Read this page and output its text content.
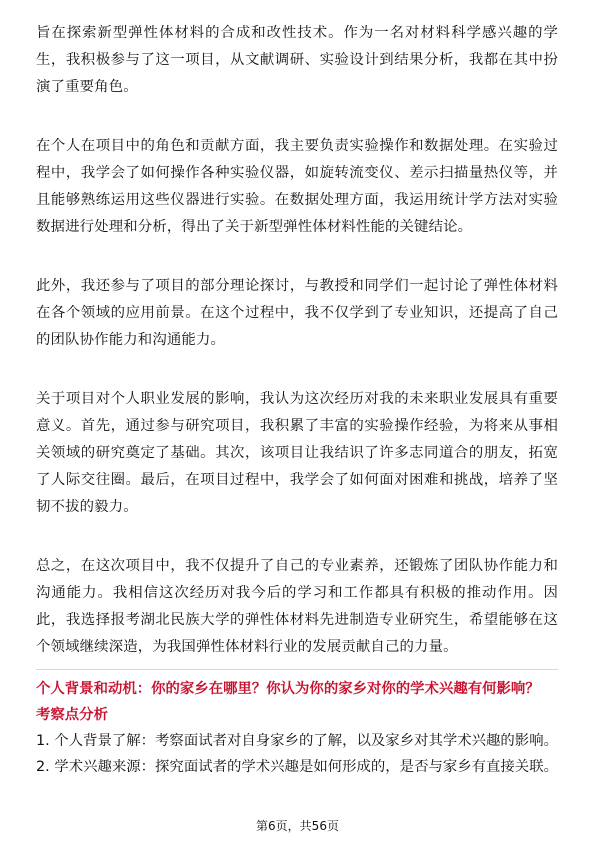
旨在探索新型弹性体材料的合成和改性技术。作为一名对材料科学感兴趣的学生，我积极参与了这一项目，从文献调研、实验设计到结果分析，我都在其中扮演了重要角色。

在个人在项目中的角色和贡献方面，我主要负责实验操作和数据处理。在实验过程中，我学会了如何操作各种实验仪器，如旋转流变仪、差示扫描量热仪等，并且能够熟练运用这些仪器进行实验。在数据处理方面，我运用统计学方法对实验数据进行处理和分析，得出了关于新型弹性体材料性能的关键结论。

此外，我还参与了项目的部分理论探讨，与教授和同学们一起讨论了弹性体材料在各个领域的应用前景。在这个过程中，我不仅学到了专业知识，还提高了自己的团队协作能力和沟通能力。

关于项目对个人职业发展的影响，我认为这次经历对我的未来职业发展具有重要意义。首先，通过参与研究项目，我积累了丰富的实验操作经验，为将来从事相关领域的研究奠定了基础。其次，该项目让我结识了许多志同道合的朋友，拓宽了人际交往圈。最后，在项目过程中，我学会了如何面对困难和挑战，培养了坚韧不拔的毅力。

总之，在这次项目中，我不仅提升了自己的专业素养，还锻炼了团队协作能力和沟通能力。我相信这次经历对我今后的学习和工作都具有积极的推动作用。因此，我选择报考湖北民族大学的弹性体材料先进制造专业研究生，希望能够在这个领域继续深造，为我国弹性体材料行业的发展贡献自己的力量。

个人背景和动机：你的家乡在哪里？你认为你的家乡对你的学术兴趣有何影响？

考察点分析

1. 个人背景了解：考察面试者对自身家乡的了解，以及家乡对其学术兴趣的影响。
2. 学术兴趣来源：探究面试者的学术兴趣是如何形成的，是否与家乡有直接关联。
第6页，共56页
